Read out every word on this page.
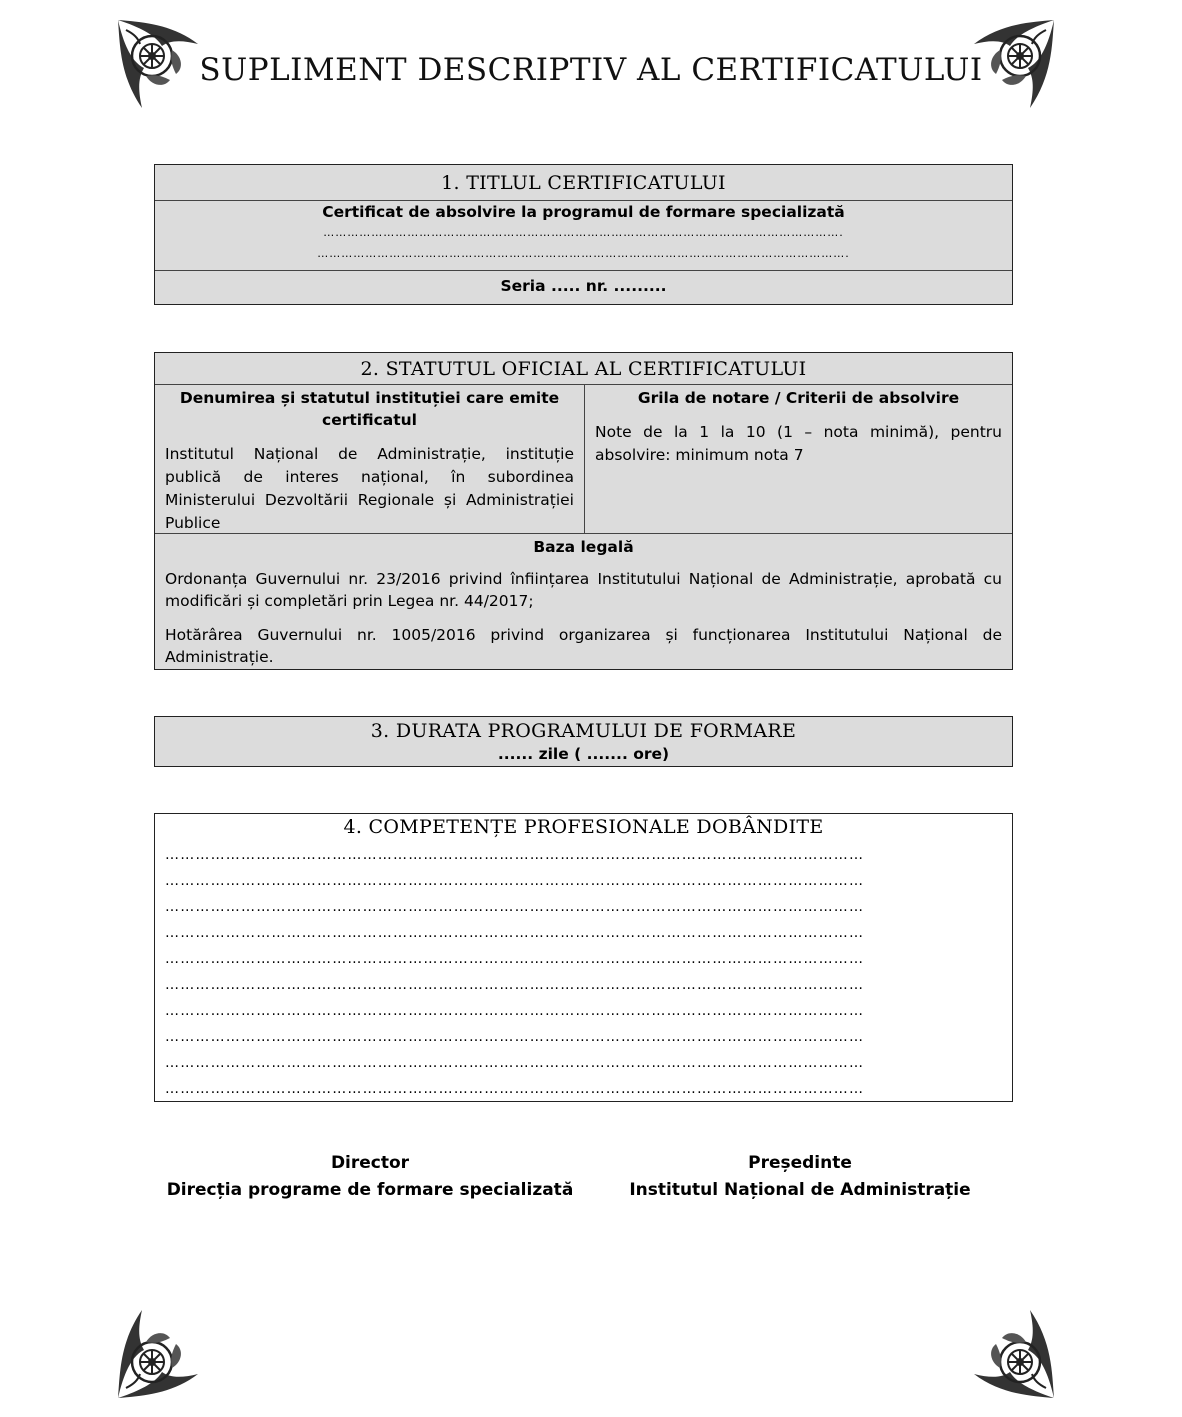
SUPLIMENT DESCRIPTIV AL CERTIFICATULUI
1. TITLUL CERTIFICATULUI
Certificat de absolvire la programul de formare specializată
………………………………………………………………………………………………………………….
…………………………………………………………………………………………………………………….
Seria ..... nr. .........
2. STATUTUL OFICIAL AL CERTIFICATULUI
Denumirea și statutul instituției care emite certificatul
Institutul Național de Administrație, instituție publică de interes național, în subordinea Ministerului Dezvoltării Regionale și Administrației Publice
Grila de notare / Criterii de absolvire
Note de la 1 la 10 (1 – nota minimă), pentru absolvire: minimum nota 7
Baza legală

Ordonanța Guvernului nr. 23/2016 privind înființarea Institutului Național de Administrație, aprobată cu modificări și completări prin Legea nr. 44/2017;

Hotărârea Guvernului nr. 1005/2016 privind organizarea și funcționarea Institutului Național de Administrație.

3. DURATA PROGRAMULUI DE FORMARE
...... zile ( ....... ore)
4. COMPETENȚE PROFESIONALE DOBÂNDITE
…………………………………………………………………………………………………………………………
…………………………………………………………………………………………………………………………
…………………………………………………………………………………………………………………………
…………………………………………………………………………………………………………………………
…………………………………………………………………………………………………………………………
…………………………………………………………………………………………………………………………
…………………………………………………………………………………………………………………………
…………………………………………………………………………………………………………………………
…………………………………………………………………………………………………………………………
…………………………………………………………………………………………………………………………
Director
Direcția programe de formare specializată
Președinte
Institutul Național de Administrație
